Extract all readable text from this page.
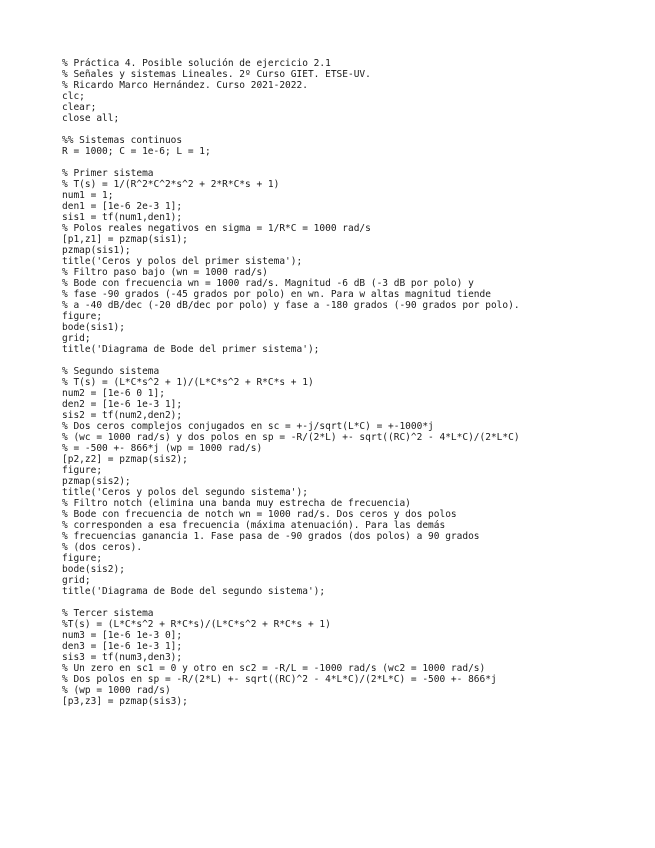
% Práctica 4. Posible solución de ejercicio 2.1
% Señales y sistemas Lineales. 2º Curso GIET. ETSE-UV.
% Ricardo Marco Hernández. Curso 2021-2022.
clc;
clear;
close all;
%% Sistemas continuos
R = 1000; C = 1e-6; L = 1;
% Primer sistema
% T(s) = 1/(R^2*C^2*s^2 + 2*R*C*s + 1)
num1 = 1;
den1 = [1e-6 2e-3 1];
sis1 = tf(num1,den1);
% Polos reales negativos en sigma = 1/R*C = 1000 rad/s
[p1,z1] = pzmap(sis1);
pzmap(sis1);
title('Ceros y polos del primer sistema');
% Filtro paso bajo (wn = 1000 rad/s)
% Bode con frecuencia wn = 1000 rad/s. Magnitud -6 dB (-3 dB por polo) y
% fase -90 grados (-45 grados por polo) en wn. Para w altas magnitud tiende
% a -40 dB/dec (-20 dB/dec por polo) y fase a -180 grados (-90 grados por polo).
figure;
bode(sis1);
grid;
title('Diagrama de Bode del primer sistema');
% Segundo sistema
% T(s) = (L*C*s^2 + 1)/(L*C*s^2 + R*C*s + 1)
num2 = [1e-6 0 1];
den2 = [1e-6 1e-3 1];
sis2 = tf(num2,den2);
% Dos ceros complejos conjugados en sc = +-j/sqrt(L*C) = +-1000*j
% (wc = 1000 rad/s) y dos polos en sp = -R/(2*L) +- sqrt((RC)^2 - 4*L*C)/(2*L*C)
% = -500 +- 866*j (wp = 1000 rad/s)
[p2,z2] = pzmap(sis2);
figure;
pzmap(sis2);
title('Ceros y polos del segundo sistema');
% Filtro notch (elimina una banda muy estrecha de frecuencia)
% Bode con frecuencia de notch wn = 1000 rad/s. Dos ceros y dos polos
% corresponden a esa frecuencia (máxima atenuación). Para las demás
% frecuencias ganancia 1. Fase pasa de -90 grados (dos polos) a 90 grados
% (dos ceros).
figure;
bode(sis2);
grid;
title('Diagrama de Bode del segundo sistema');
% Tercer sistema
%T(s) = (L*C*s^2 + R*C*s)/(L*C*s^2 + R*C*s + 1)
num3 = [1e-6 1e-3 0];
den3 = [1e-6 1e-3 1];
sis3 = tf(num3,den3);
% Un zero en sc1 = 0 y otro en sc2 = -R/L = -1000 rad/s (wc2 = 1000 rad/s)
% Dos polos en sp = -R/(2*L) +- sqrt((RC)^2 - 4*L*C)/(2*L*C) = -500 +- 866*j
% (wp = 1000 rad/s)
[p3,z3] = pzmap(sis3);
